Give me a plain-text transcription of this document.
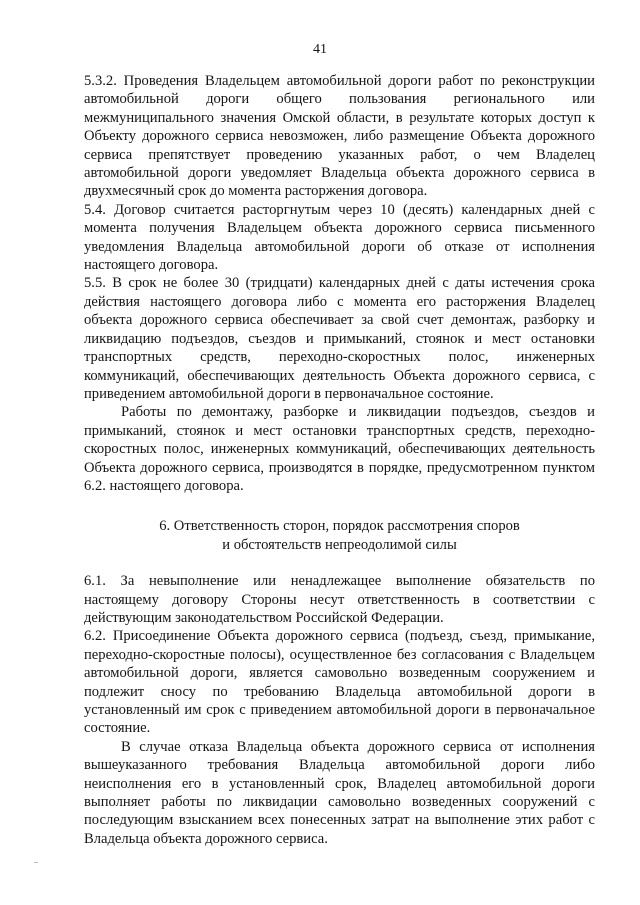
41

5.3.2. Проведения Владельцем автомобильной дороги работ по реконструкции автомобильной дороги общего пользования регионального или межмуниципального значения Омской области, в результате которых доступ к Объекту дорожного сервиса невозможен, либо размещение Объекта дорожного сервиса препятствует проведению указанных работ, о чем Владелец автомобильной дороги уведомляет Владельца объекта дорожного сервиса в двухмесячный срок до момента расторжения договора.

5.4. Договор считается расторгнутым через 10 (десять) календарных дней с момента получения Владельцем объекта дорожного сервиса письменного уведомления Владельца автомобильной дороги об отказе от исполнения настоящего договора.

5.5. В срок не более 30 (тридцати) календарных дней с даты истечения срока действия настоящего договора либо с момента его расторжения Владелец объекта дорожного сервиса обеспечивает за свой счет демонтаж, разборку и ликвидацию подъездов, съездов и примыканий, стоянок и мест остановки транспортных средств, переходно-скоростных полос, инженерных коммуникаций, обеспечивающих деятельность Объекта дорожного сервиса, с приведением автомобильной дороги в первоначальное состояние.

Работы по демонтажу, разборке и ликвидации подъездов, съездов и примыканий, стоянок и мест остановки транспортных средств, переходно-скоростных полос, инженерных коммуникаций, обеспечивающих деятельность Объекта дорожного сервиса, производятся в порядке, предусмотренном пунктом 6.2. настоящего договора.

6. Ответственность сторон, порядок рассмотрения споров
и обстоятельств непреодолимой силы

6.1. За невыполнение или ненадлежащее выполнение обязательств по настоящему договору Стороны несут ответственность в соответствии с действующим законодательством Российской Федерации.

6.2. Присоединение Объекта дорожного сервиса (подъезд, съезд, примыкание, переходно-скоростные полосы), осуществленное без согласования с Владельцем автомобильной дороги, является самовольно возведенным сооружением и подлежит сносу по требованию Владельца автомобильной дороги в установленный им срок с приведением автомобильной дороги в первоначальное состояние.

В случае отказа Владельца объекта дорожного сервиса от исполнения вышеуказанного требования Владельца автомобильной дороги либо неисполнения его в установленный срок, Владелец автомобильной дороги выполняет работы по ликвидации самовольно возведенных сооружений с последующим взысканием всех понесенных затрат на выполнение этих работ с Владельца объекта дорожного сервиса.
